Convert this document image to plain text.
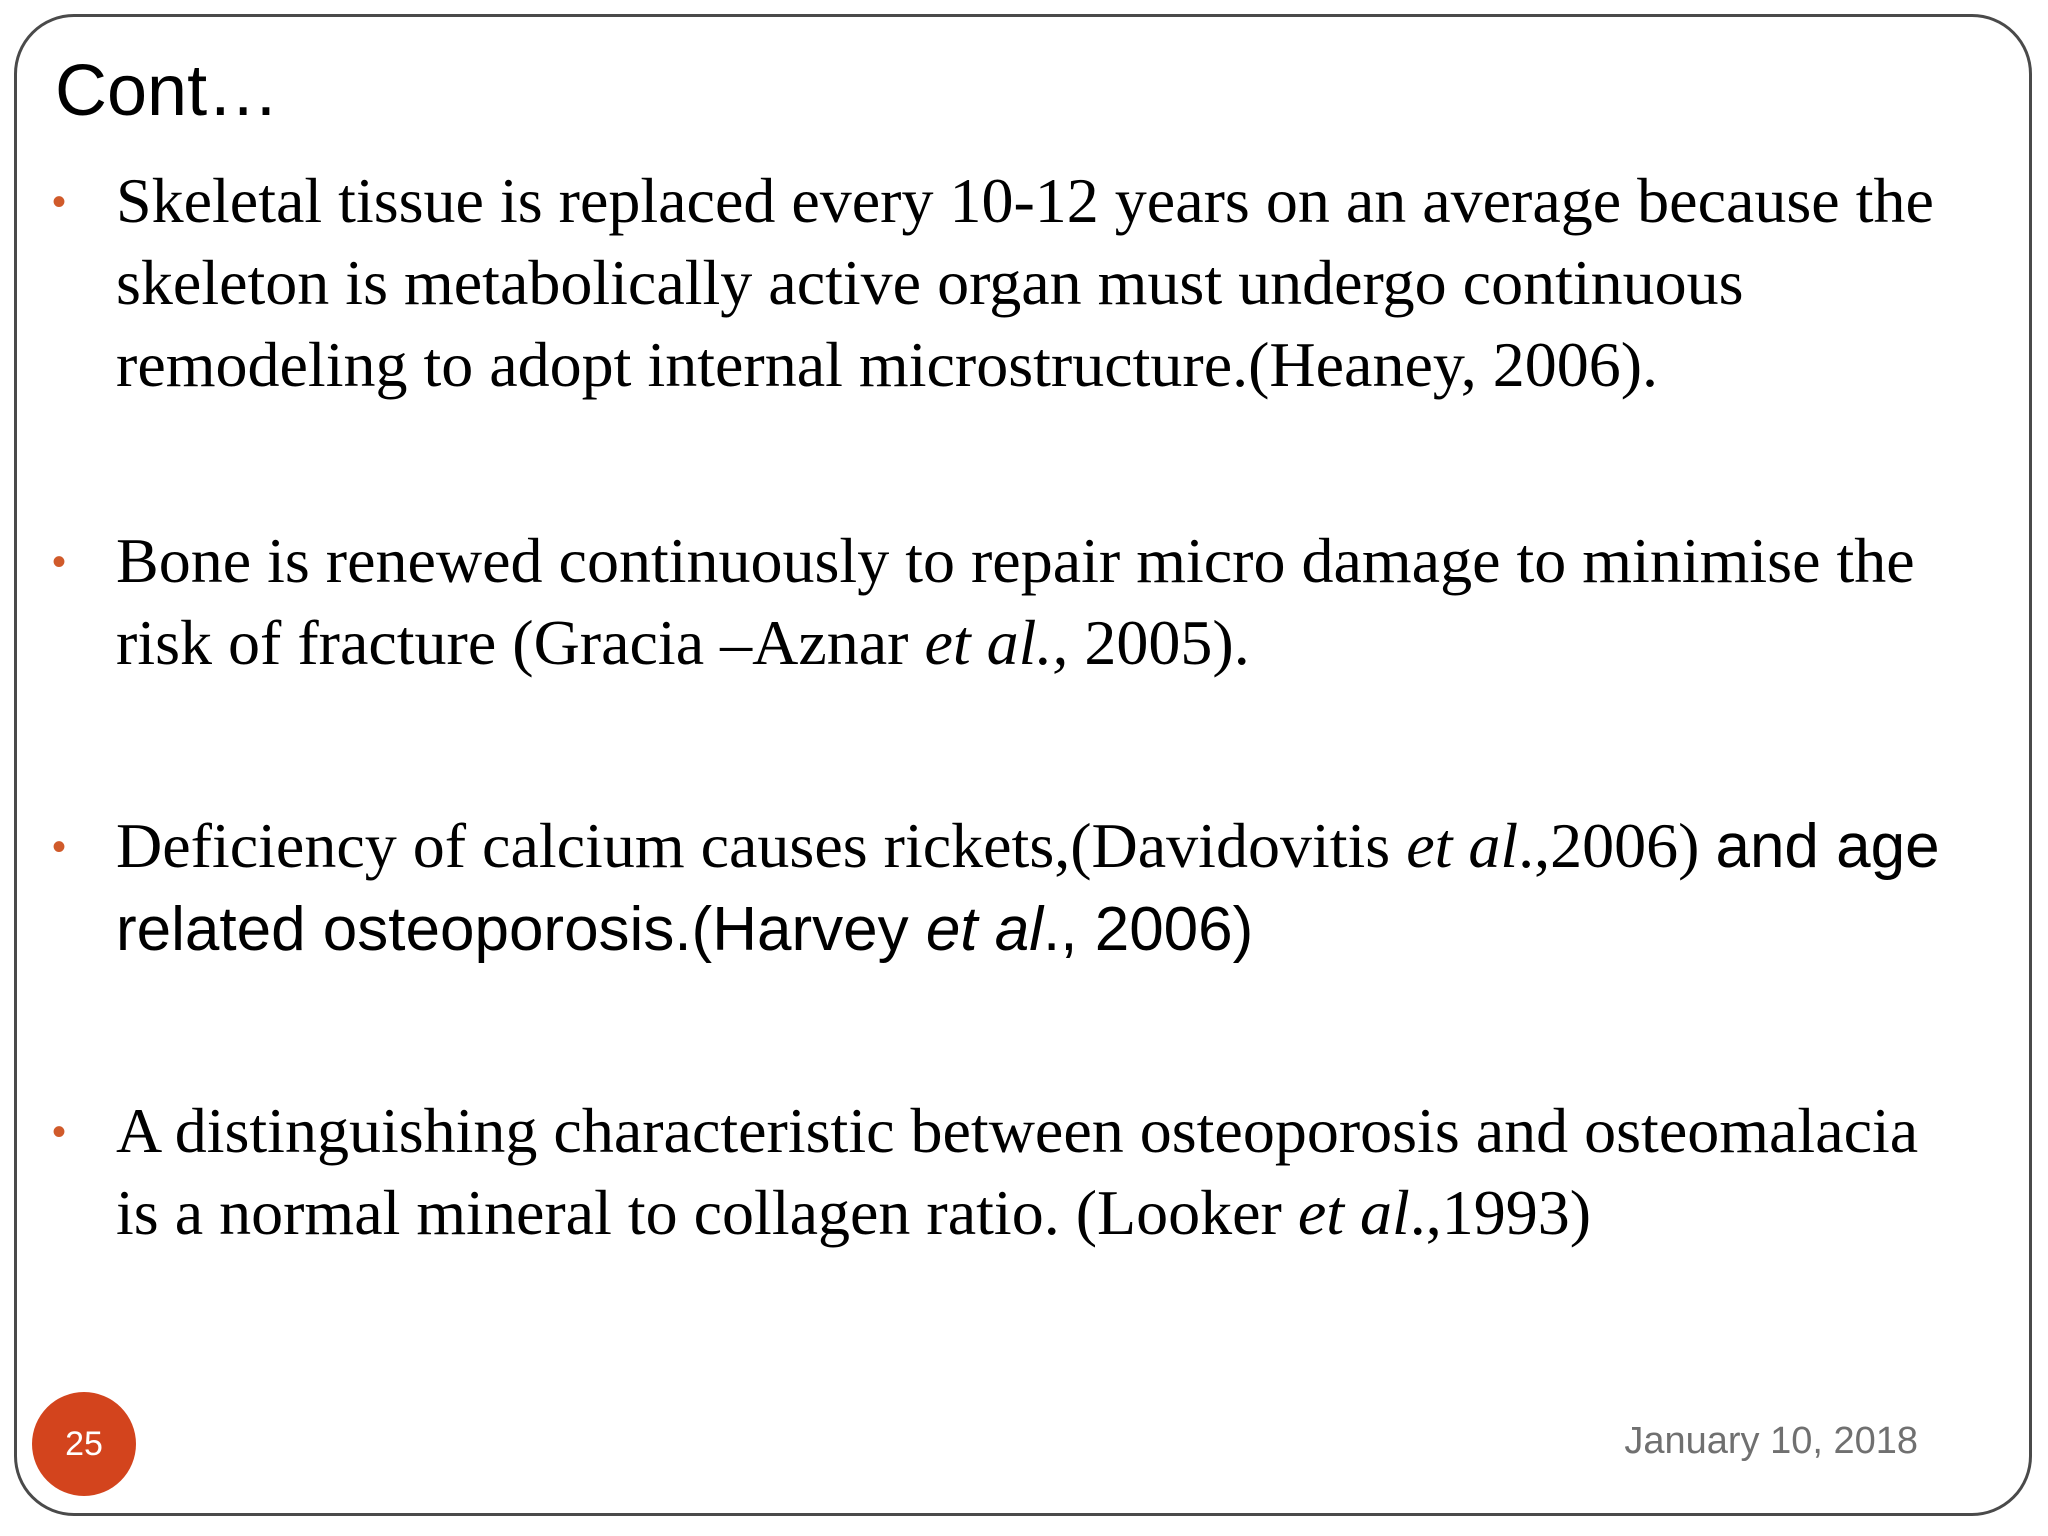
Cont…
• Skeletal tissue is replaced every 10-12 years on an average because the skeleton is metabolically active organ must undergo continuous remodeling to adopt internal microstructure.(Heaney, 2006).
• Bone is renewed continuously to repair micro damage to minimise the risk of fracture (Gracia –Aznar et al., 2005).
• Deficiency of calcium causes rickets,(Davidovitis et al.,2006) and age related osteoporosis.(Harvey et al., 2006)
• A distinguishing characteristic between osteoporosis and osteomalacia is a normal mineral to collagen ratio. (Looker et al.,1993)
25	January 10, 2018
